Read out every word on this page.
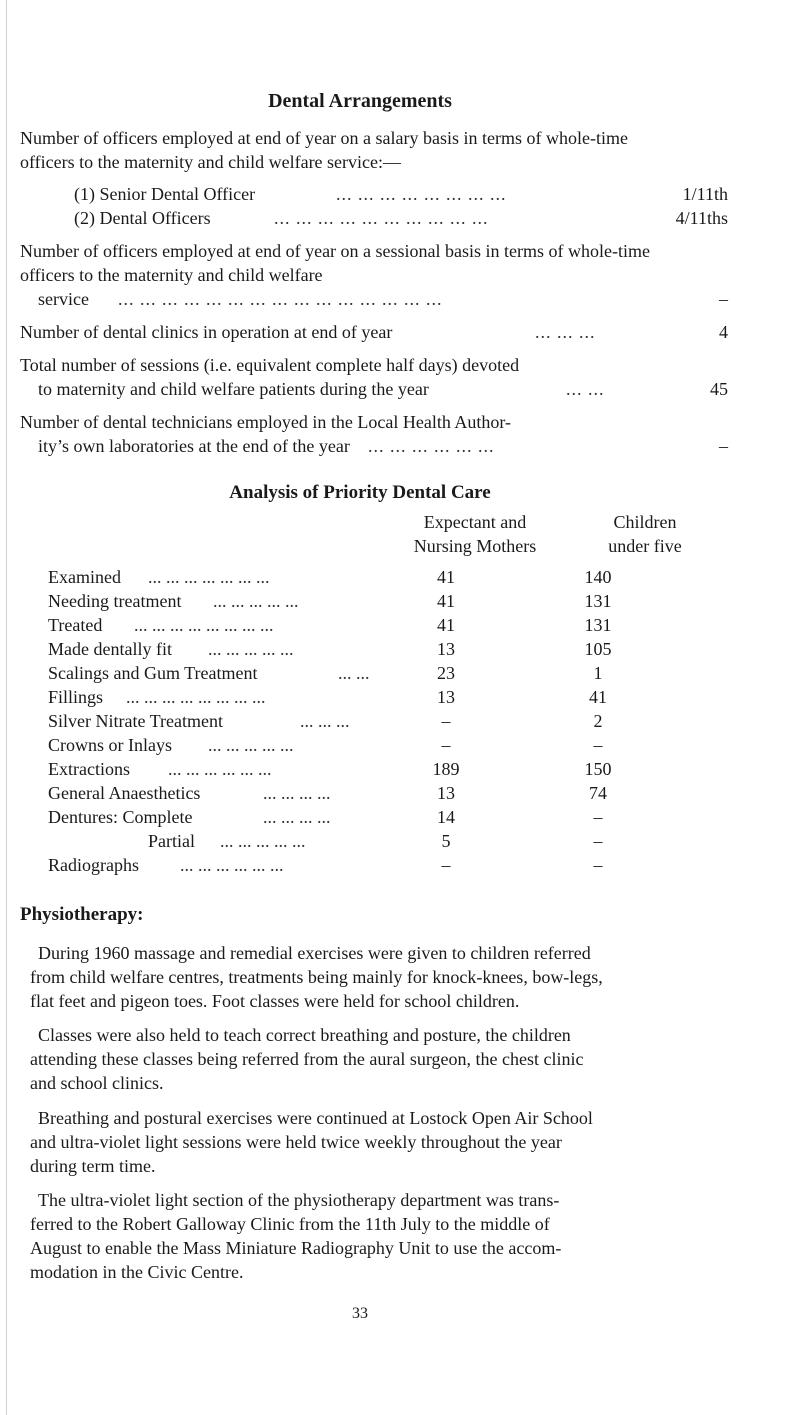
Dental Arrangements
Number of officers employed at end of year on a salary basis in terms of whole-time officers to the maternity and child welfare service:—
(1) Senior Dental Officer	... ... ... ... ... ... ... ...	1/11th
(2) Dental Officers	... ... ... ... ... ... ... ... ... ...	4/11ths
Number of officers employed at end of year on a sessional basis in terms of whole-time officers to the maternity and child welfare
service ... ... ... ... ... ... ... ... ... ... ... ... ... ... ...	–
Number of dental clinics in operation at end of year	... ... ...	4
Total number of sessions (i.e. equivalent complete half days) devoted
to maternity and child welfare patients during the year	... ...	45
Number of dental technicians employed in the Local Health Author-
ity’s own laboratories at the end of the year ... ... ... ... ... ...	–
Analysis of Priority Dental Care
Expectant and
Nursing Mothers
Children
under five
Examined ... ... ... ... ... ... ...	41	140
Needing treatment ... ... ... ... ...	41	131
Treated ... ... ... ... ... ... ... ...	41	131
Made dentally fit ... ... ... ... ...	13	105
Scalings and Gum Treatment	... ...	23	1
Fillings ... ... ... ... ... ... ... ...	13	41
Silver Nitrate Treatment	... ... ...	–	2
Crowns or Inlays ... ... ... ... ...	–	–
Extractions ... ... ... ... ... ...	189	150
General Anaesthetics	... ... ... ...	13	74
Dentures: Complete	... ... ... ...	14	–
Partial ... ... ... ... ...	5	–
Radiographs ... ... ... ... ... ...	–	–
Physiotherapy:
During 1960 massage and remedial exercises were given to children referred
from child welfare centres, treatments being mainly for knock-knees, bow-legs,
flat feet and pigeon toes. Foot classes were held for school children.
Classes were also held to teach correct breathing and posture, the children
attending these classes being referred from the aural surgeon, the chest clinic
and school clinics.
Breathing and postural exercises were continued at Lostock Open Air School
and ultra-violet light sessions were held twice weekly throughout the year
during term time.
The ultra-violet light section of the physiotherapy department was trans-
ferred to the Robert Galloway Clinic from the 11th July to the middle of
August to enable the Mass Miniature Radiography Unit to use the accom-
modation in the Civic Centre.
33
